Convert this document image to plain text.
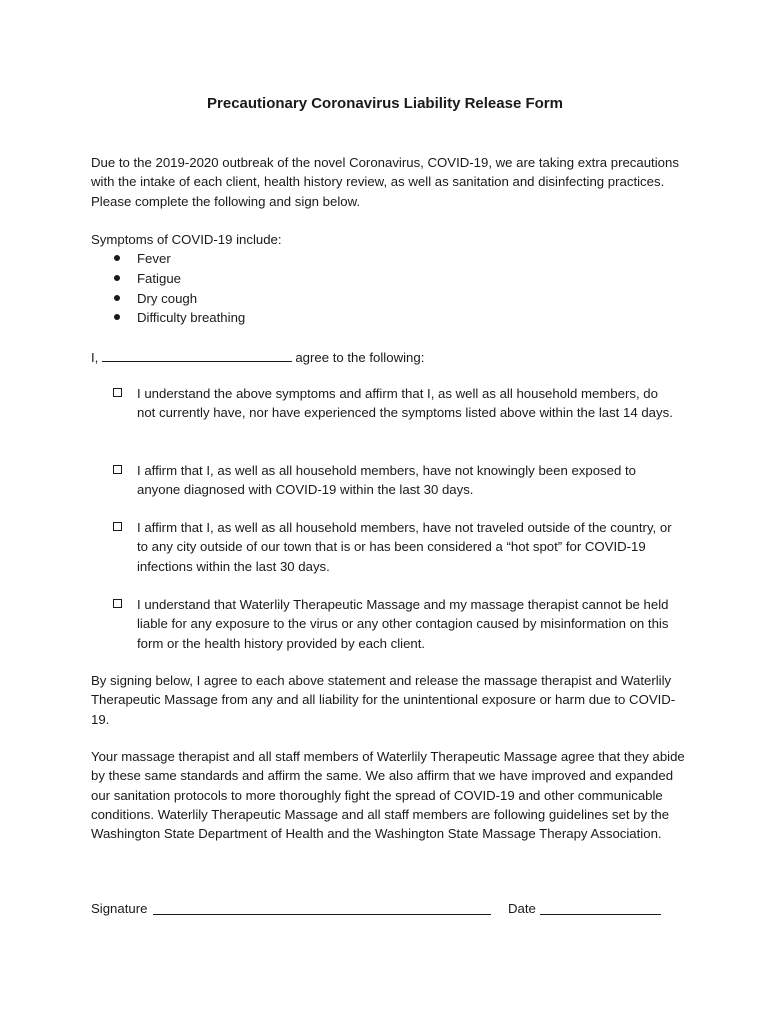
Precautionary Coronavirus Liability Release Form
Due to the 2019-2020 outbreak of the novel Coronavirus, COVID-19, we are taking extra precautions with the intake of each client, health history review, as well as sanitation and disinfecting practices. Please complete the following and sign below.
Symptoms of COVID-19 include:
Fever
Fatigue
Dry cough
Difficulty breathing
I,	agree to the following:
I understand the above symptoms and affirm that I, as well as all household members, do not currently have, nor have experienced the symptoms listed above within the last 14 days.
I affirm that I, as well as all household members, have not knowingly been exposed to anyone diagnosed with COVID-19 within the last 30 days.
I affirm that I, as well as all household members, have not traveled outside of the country, or to any city outside of our town that is or has been considered a “hot spot” for COVID-19 infections within the last 30 days.
I understand that Waterlily Therapeutic Massage and my massage therapist cannot be held liable for any exposure to the virus or any other contagion caused by misinformation on this form or the health history provided by each client.
By signing below, I agree to each above statement and release the massage therapist and Waterlily Therapeutic Massage from any and all liability for the unintentional exposure or harm due to COVID-19.
Your massage therapist and all staff members of Waterlily Therapeutic Massage agree that they abide by these same standards and affirm the same. We also affirm that we have improved and expanded our sanitation protocols to more thoroughly fight the spread of COVID-19 and other communicable conditions. Waterlily Therapeutic Massage and all staff members are following guidelines set by the Washington State Department of Health and the Washington State Massage Therapy Association.
Signature	Date
